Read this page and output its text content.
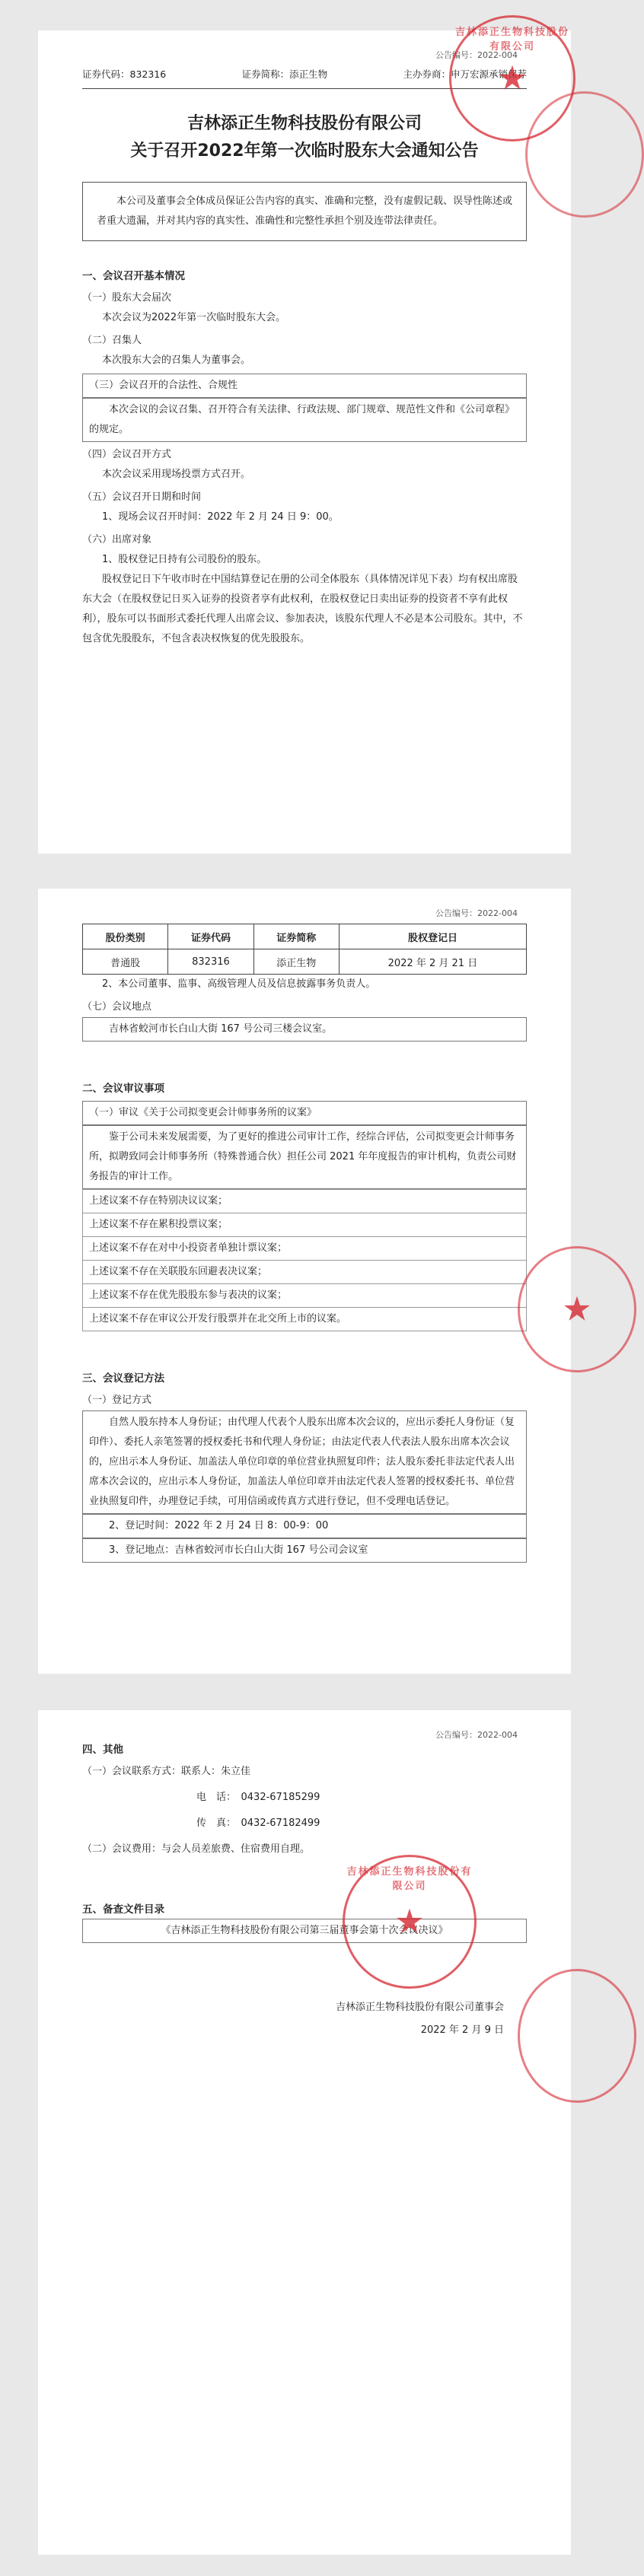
公告编号：2022-004
证券代码：832316	证券简称：添正生物	主办券商：申万宏源承销保荐
吉林添正生物科技股份有限公司
关于召开2022年第一次临时股东大会通知公告
本公司及董事会全体成员保证公告内容的真实、准确和完整，没有虚假记载、误导性陈述或者重大遗漏，并对其内容的真实性、准确性和完整性承担个别及连带法律责任。
一、会议召开基本情况
（一）股东大会届次
本次会议为2022年第一次临时股东大会。
（二）召集人
本次股东大会的召集人为董事会。
（三）会议召开的合法性、合规性
本次会议的会议召集、召开符合有关法律、行政法规、部门规章、规范性文件和《公司章程》的规定。
（四）会议召开方式
本次会议采用现场投票方式召开。
（五）会议召开日期和时间
1、现场会议召开时间：2022 年 2 月 24 日 9：00。
（六）出席对象
1、股权登记日持有公司股份的股东。
股权登记日下午收市时在中国结算登记在册的公司全体股东（具体情况详见下表）均有权出席股东大会（在股权登记日买入证券的投资者享有此权利，在股权登记日卖出证券的投资者不享有此权利），股东可以书面形式委托代理人出席会议、参加表决，该股东代理人不必是本公司股东。其中，不包含优先股股东，不包含表决权恢复的优先股股东。
吉林添正生物科技股份有限公司
★
公告编号：2022-004
股份类别	证券代码	证券简称	股权登记日
普通股	832316	添正生物	2022 年 2 月 21 日
2、本公司董事、监事、高级管理人员及信息披露事务负责人。
（七）会议地点
吉林省蛟河市长白山大街 167 号公司三楼会议室。
二、会议审议事项
（一）审议《关于公司拟变更会计师事务所的议案》
鉴于公司未来发展需要，为了更好的推进公司审计工作，经综合评估，公司拟变更会计师事务所，拟聘致同会计师事务所（特殊普通合伙）担任公司 2021 年年度报告的审计机构，负责公司财务报告的审计工作。
上述议案不存在特别决议议案；
上述议案不存在累积投票议案；
上述议案不存在对中小投资者单独计票议案；
上述议案不存在关联股东回避表决议案；
上述议案不存在优先股股东参与表决的议案；
上述议案不存在审议公开发行股票并在北交所上市的议案。
三、会议登记方法
（一）登记方式
自然人股东持本人身份证；由代理人代表个人股东出席本次会议的，应出示委托人身份证（复印件）、委托人亲笔签署的授权委托书和代理人身份证；由法定代表人代表法人股东出席本次会议的，应出示本人身份证、加盖法人单位印章的单位营业执照复印件；法人股东委托非法定代表人出席本次会议的，应出示本人身份证，加盖法人单位印章并由法定代表人签署的授权委托书、单位营业执照复印件，办理登记手续，可用信函或传真方式进行登记，但不受理电话登记。
2、登记时间：2022 年 2 月 24 日 8：00-9：00
3、登记地点：吉林省蛟河市长白山大街 167 号公司会议室
★
公告编号：2022-004
四、其他
（一）会议联系方式：联系人：朱立佳
电　话：　0432-67185299
传　真：　0432-67182499
（二）会议费用：与会人员差旅费、住宿费用自理。
五、备查文件目录
《吉林添正生物科技股份有限公司第三届董事会第十次会议决议》
吉林添正生物科技股份有限公司董事会
2022 年 2 月 9 日
吉林添正生物科技股份有限公司
★
